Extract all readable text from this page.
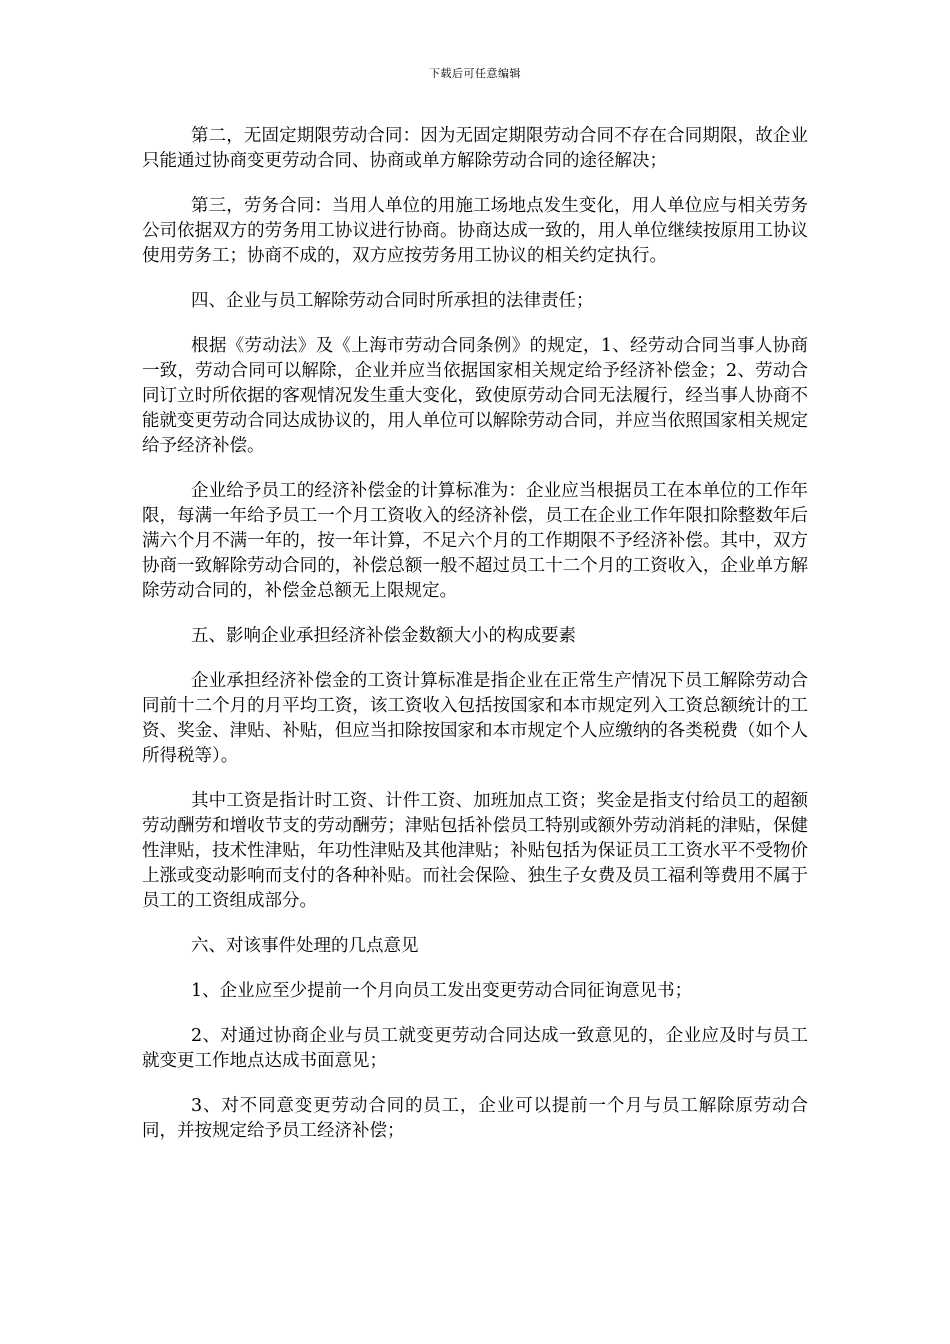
下载后可任意编辑

第二，无固定期限劳动合同：因为无固定期限劳动合同不存在合同期限，故企业只能通过协商变更劳动合同、协商或单方解除劳动合同的途径解决；

第三，劳务合同：当用人单位的用施工场地点发生变化，用人单位应与相关劳务公司依据双方的劳务用工协议进行协商。协商达成一致的，用人单位继续按原用工协议使用劳务工；协商不成的，双方应按劳务用工协议的相关约定执行。

四、企业与员工解除劳动合同时所承担的法律责任；

根据《劳动法》及《上海市劳动合同条例》的规定，1、经劳动合同当事人协商一致，劳动合同可以解除，企业并应当依据国家相关规定给予经济补偿金；2、劳动合同订立时所依据的客观情况发生重大变化，致使原劳动合同无法履行，经当事人协商不能就变更劳动合同达成协议的，用人单位可以解除劳动合同，并应当依照国家相关规定给予经济补偿。

企业给予员工的经济补偿金的计算标准为：企业应当根据员工在本单位的工作年限，每满一年给予员工一个月工资收入的经济补偿，员工在企业工作年限扣除整数年后满六个月不满一年的，按一年计算，不足六个月的工作期限不予经济补偿。其中，双方协商一致解除劳动合同的，补偿总额一般不超过员工十二个月的工资收入，企业单方解除劳动合同的，补偿金总额无上限规定。

五、影响企业承担经济补偿金数额大小的构成要素

企业承担经济补偿金的工资计算标准是指企业在正常生产情况下员工解除劳动合同前十二个月的月平均工资，该工资收入包括按国家和本市规定列入工资总额统计的工资、奖金、津贴、补贴，但应当扣除按国家和本市规定个人应缴纳的各类税费（如个人所得税等）。

其中工资是指计时工资、计件工资、加班加点工资；奖金是指支付给员工的超额劳动酬劳和增收节支的劳动酬劳；津贴包括补偿员工特别或额外劳动消耗的津贴，保健性津贴，技术性津贴，年功性津贴及其他津贴；补贴包括为保证员工工资水平不受物价上涨或变动影响而支付的各种补贴。而社会保险、独生子女费及员工福利等费用不属于员工的工资组成部分。

六、对该事件处理的几点意见

1、企业应至少提前一个月向员工发出变更劳动合同征询意见书；

2、对通过协商企业与员工就变更劳动合同达成一致意见的，企业应及时与员工就变更工作地点达成书面意见；

3、对不同意变更劳动合同的员工，企业可以提前一个月与员工解除原劳动合同，并按规定给予员工经济补偿；
